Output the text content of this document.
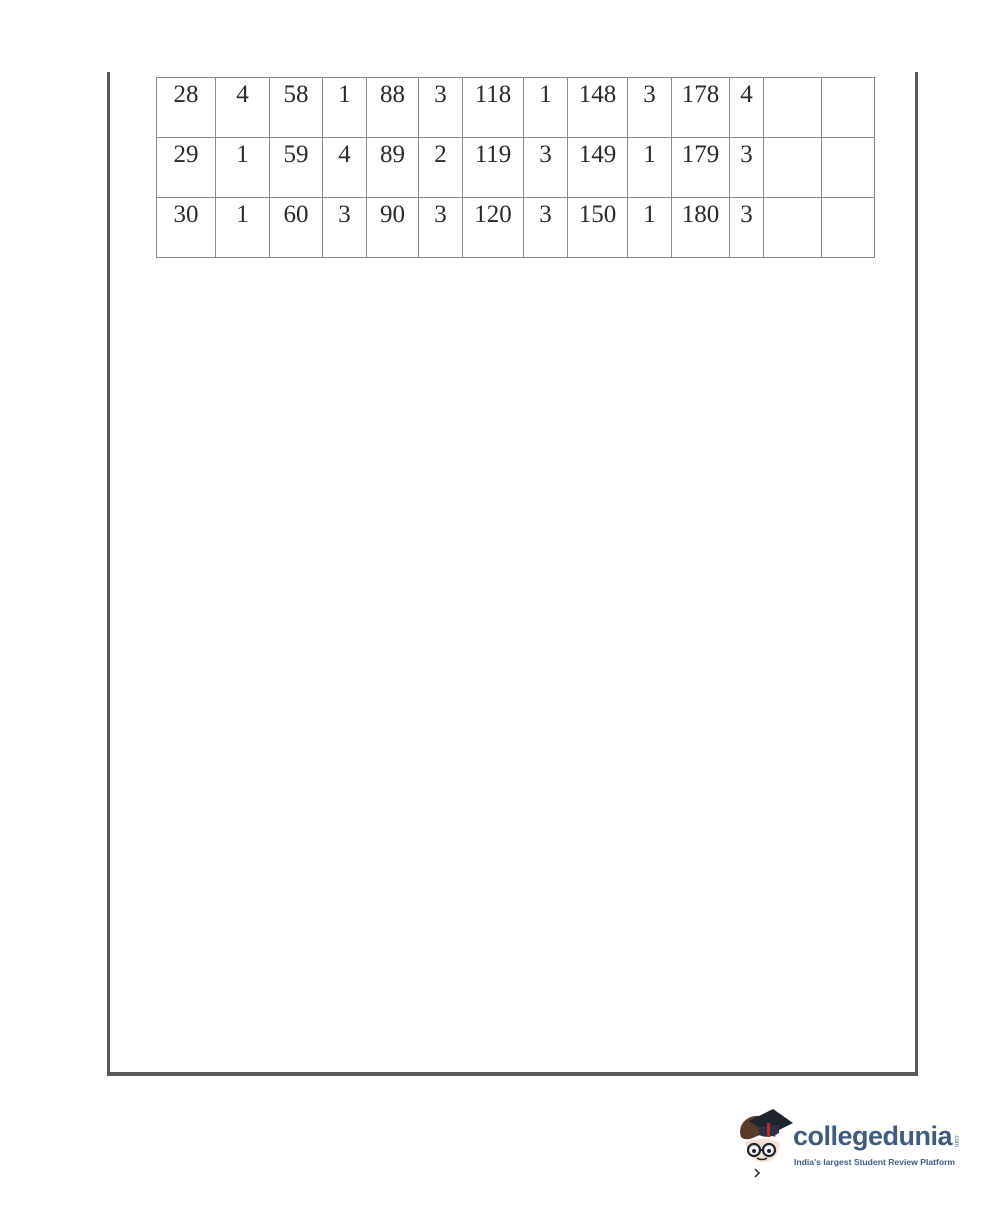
28	4	58	1	88	3	118	1	148	3	178	4		
29	1	59	4	89	2	119	3	149	1	179	3		
30	1	60	3	90	3	120	3	150	1	180	3		
collegedunia .com
India's largest Student Review Platform
